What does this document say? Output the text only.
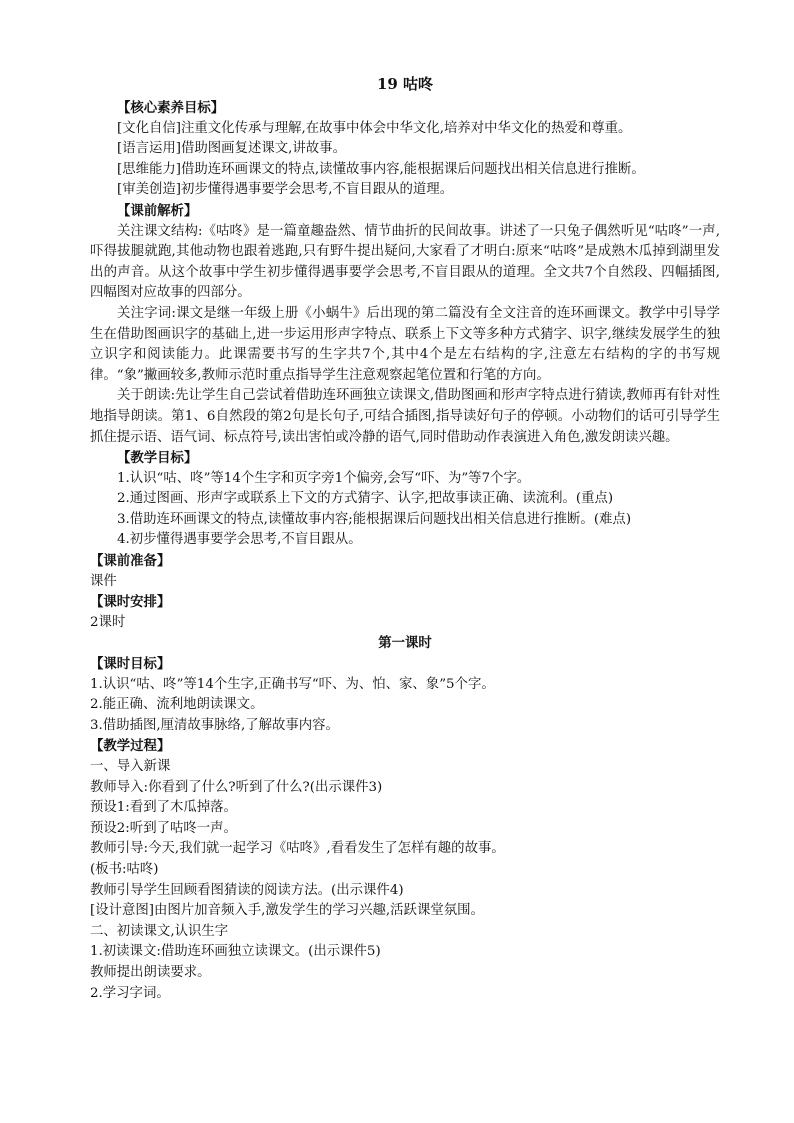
19 咕咚
【核心素养目标】
[文化自信]注重文化传承与理解,在故事中体会中华文化,培养对中华文化的热爱和尊重。
[语言运用]借助图画复述课文,讲故事。
[思维能力]借助连环画课文的特点,读懂故事内容,能根据课后问题找出相关信息进行推断。
[审美创造]初步懂得遇事要学会思考,不盲目跟从的道理。
【课前解析】
关注课文结构:《咕咚》是一篇童趣盎然、情节曲折的民间故事。讲述了一只兔子偶然听见“咕咚”一声,吓得拔腿就跑,其他动物也跟着逃跑,只有野牛提出疑问,大家看了才明白:原来“咕咚”是成熟木瓜掉到湖里发出的声音。从这个故事中学生初步懂得遇事要学会思考,不盲目跟从的道理。全文共7个自然段、四幅插图,四幅图对应故事的四部分。
关注字词:课文是继一年级上册《小蜗牛》后出现的第二篇没有全文注音的连环画课文。教学中引导学生在借助图画识字的基础上,进一步运用形声字特点、联系上下文等多种方式猜字、识字,继续发展学生的独立识字和阅读能力。此课需要书写的生字共7个,其中4个是左右结构的字,注意左右结构的字的书写规律。“象”撇画较多,教师示范时重点指导学生注意观察起笔位置和行笔的方向。
关于朗读:先让学生自己尝试着借助连环画独立读课文,借助图画和形声字特点进行猜读,教师再有针对性地指导朗读。第1、6自然段的第2句是长句子,可结合插图,指导读好句子的停顿。小动物们的话可引导学生抓住提示语、语气词、标点符号,读出害怕或冷静的语气,同时借助动作表演进入角色,激发朗读兴趣。
【教学目标】
1.认识“咕、咚”等14个生字和页字旁1个偏旁,会写“吓、为”等7个字。
2.通过图画、形声字或联系上下文的方式猜字、认字,把故事读正确、读流利。(重点)
3.借助连环画课文的特点,读懂故事内容;能根据课后问题找出相关信息进行推断。(难点)
4.初步懂得遇事要学会思考,不盲目跟从。
【课前准备】
课件
【课时安排】
2课时
第一课时
【课时目标】
1.认识“咕、咚”等14个生字,正确书写“吓、为、怕、家、象”5个字。
2.能正确、流利地朗读课文。
3.借助插图,厘清故事脉络,了解故事内容。
【教学过程】
一、导入新课
教师导入:你看到了什么?听到了什么?(出示课件3)
预设1:看到了木瓜掉落。
预设2:听到了咕咚一声。
教师引导:今天,我们就一起学习《咕咚》,看看发生了怎样有趣的故事。
(板书:咕咚)
教师引导学生回顾看图猜读的阅读方法。(出示课件4)
[设计意图]由图片加音频入手,激发学生的学习兴趣,活跃课堂氛围。
二、初读课文,认识生字
1.初读课文:借助连环画独立读课文。(出示课件5)
教师提出朗读要求。
2.学习字词。
